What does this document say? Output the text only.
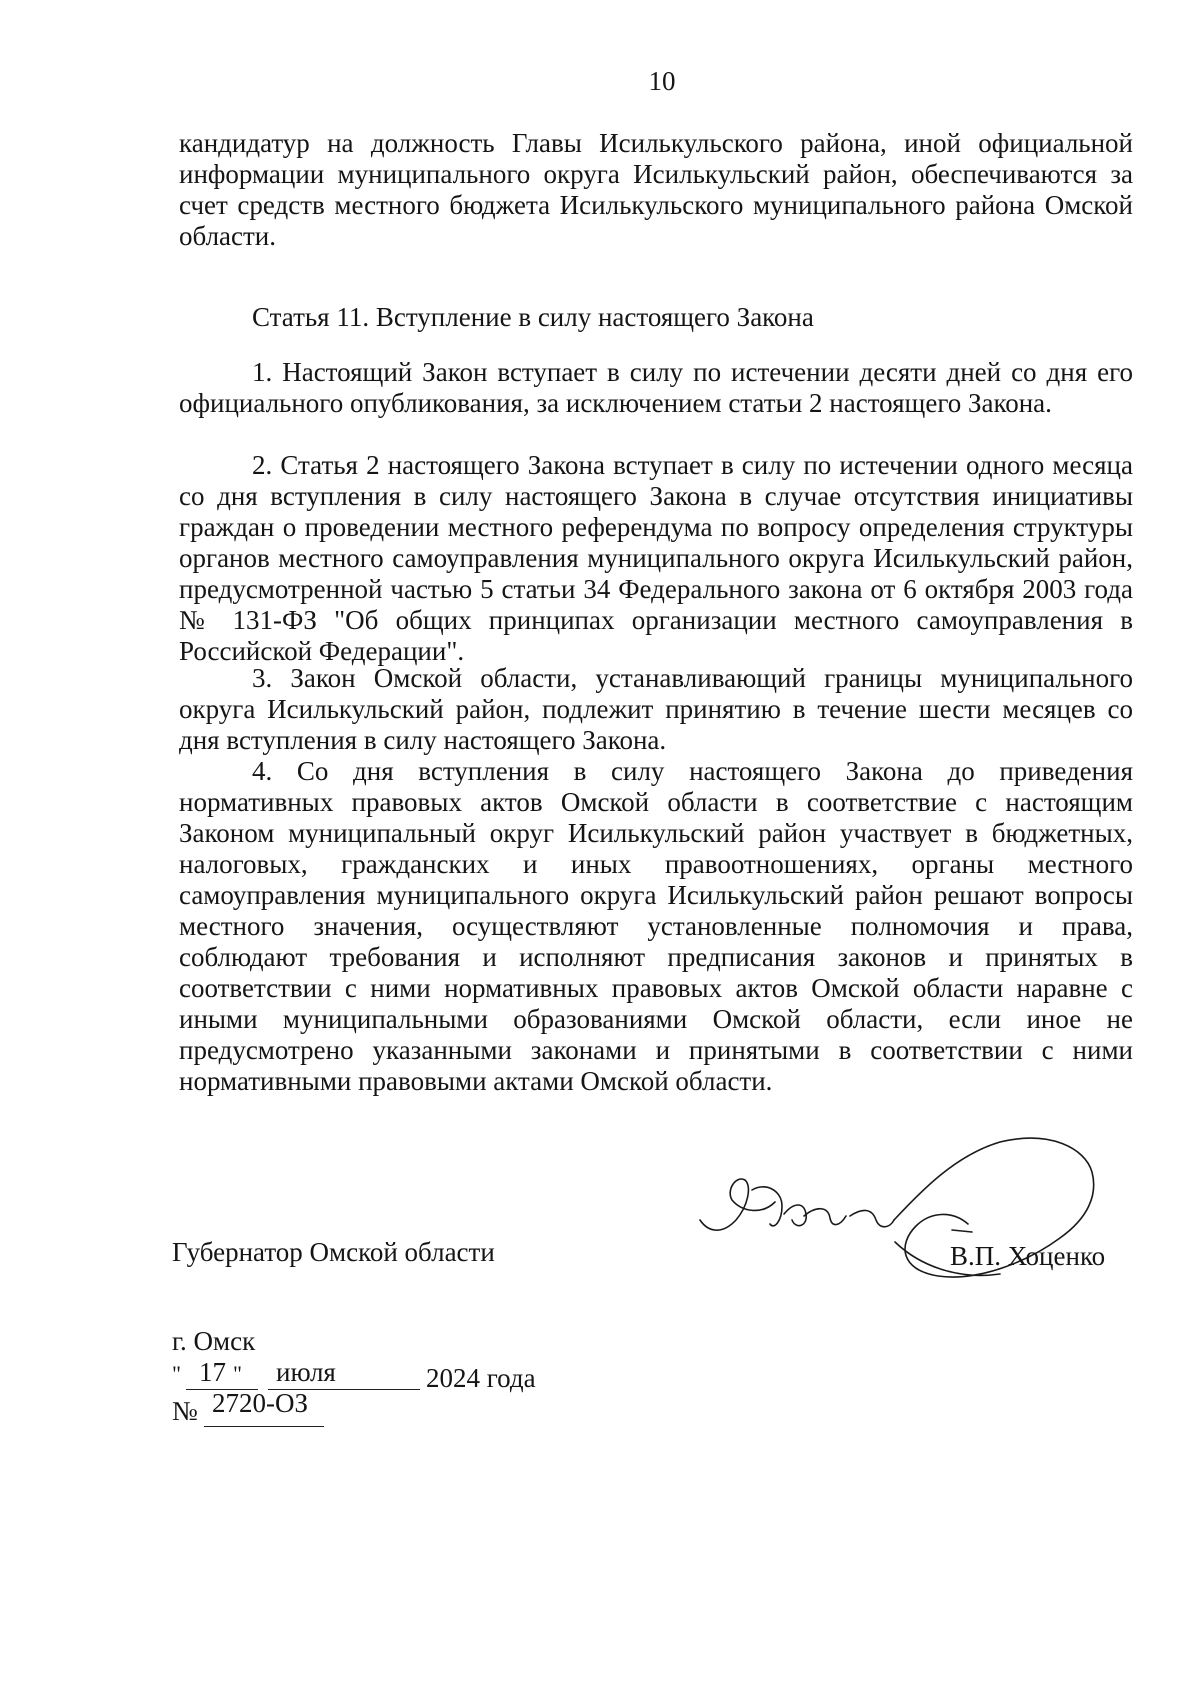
10

кандидатур на должность Главы Исилькульского района, иной официальной информации муниципального округа Исилькульский район, обеспечиваются за счет средств местного бюджета Исилькульского муниципального района Омской области.

Статья 11. Вступление в силу настоящего Закона

1. Настоящий Закон вступает в силу по истечении десяти дней со дня его официального опубликования, за исключением статьи 2 настоящего Закона.

2. Статья 2 настоящего Закона вступает в силу по истечении одного месяца со дня вступления в силу настоящего Закона в случае отсутствия инициативы граждан о проведении местного референдума по вопросу определения структуры органов местного самоуправления муниципального округа Исилькульский район, предусмотренной частью 5 статьи 34 Федерального закона от 6 октября 2003 года № 131-ФЗ "Об общих принципах организации местного самоуправления в Российской Федерации".

3. Закон Омской области, устанавливающий границы муниципального округа Исилькульский район, подлежит принятию в течение шести месяцев со дня вступления в силу настоящего Закона.

4. Со дня вступления в силу настоящего Закона до приведения нормативных правовых актов Омской области в соответствие с настоящим Законом муниципальный округ Исилькульский район участвует в бюджетных, налоговых, гражданских и иных правоотношениях, органы местного самоуправления муниципального округа Исилькульский район решают вопросы местного значения, осуществляют установленные полномочия и права, соблюдают требования и исполняют предписания законов и принятых в соответствии с ними нормативных правовых актов Омской области наравне с иными муниципальными образованиями Омской области, если иное не предусмотрено указанными законами и принятыми в соответствии с ними нормативными правовыми актами Омской области.

Губернатор Омской области	В.П. Хоценко
г. Омск
" 17 " июля	2024 года
№ 2720-ОЗ
